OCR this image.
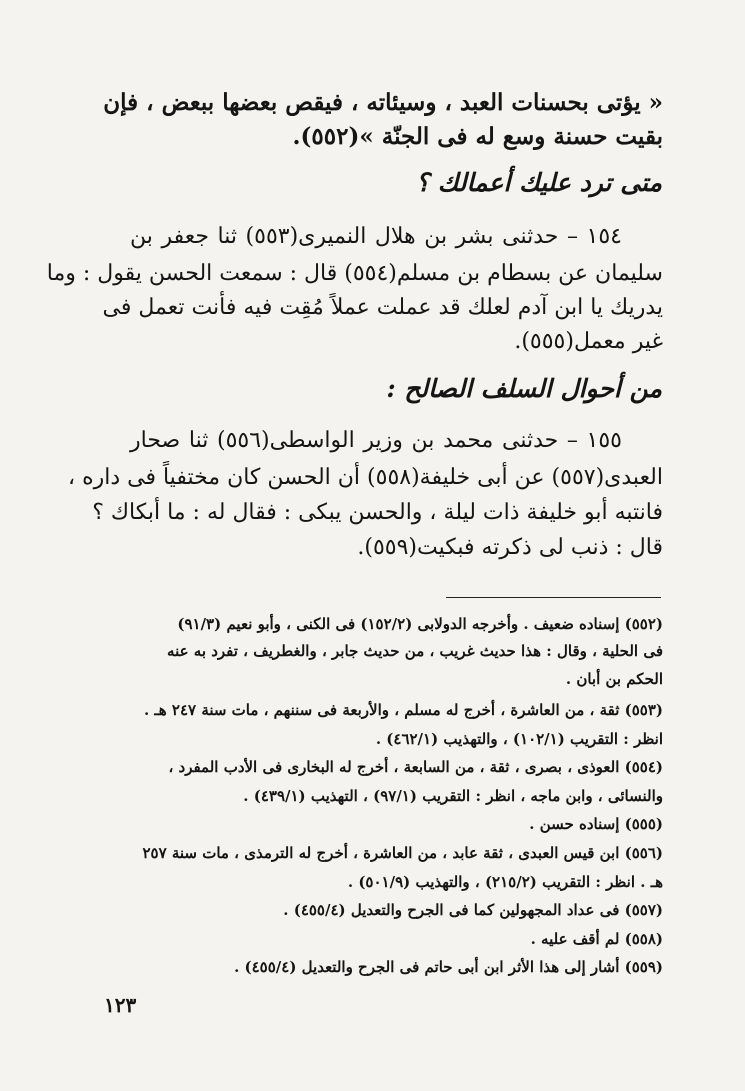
« يؤتى بحسنات العبد ، وسيئاته ، فيقص بعضها ببعض ، فإن
بقيت حسنة وسع له فى الجنّة »(٥٥٢).
متى ترد عليك أعمالك ؟
١٥٤ – حدثنى بشر بن هلال النميرى(٥٥٣) ثنا جعفر بن
سليمان عن بسطام بن مسلم(٥٥٤) قال : سمعت الحسن يقول : وما
يدريك يا ابن آدم لعلك قد عملت عملاً مُقِت فيه فأنت تعمل فى
غير معمل(٥٥٥).
من أحوال السلف الصالح :
١٥٥ – حدثنى محمد بن وزير الواسطى(٥٥٦) ثنا صحار
العبدى(٥٥٧) عن أبى خليفة(٥٥٨) أن الحسن كان مختفياً فى داره ،
فانتبه أبو خليفة ذات ليلة ، والحسن يبكى : فقال له : ما أبكاك ؟
قال : ذنب لى ذكرته فبكيت(٥٥٩).
(٥٥٢) إسناده ضعيف . وأخرجه الدولابى (١٥٢/٢) فى الكنى ، وأبو نعيم (٩١/٣)
فى الحلية ، وقال : هذا حديث غريب ، من حديث جابر ، والغطريف ، تفرد به عنه
الحكم بن أبان .
(٥٥٣) ثقة ، من العاشرة ، أخرج له مسلم ، والأربعة فى سننهم ، مات سنة ٢٤٧ هـ .
انظر : التقريب (١٠٢/١) ، والتهذيب (٤٦٢/١) .
(٥٥٤) العوذى ، بصرى ، ثقة ، من السابعة ، أخرج له البخارى فى الأدب المفرد ،
والنسائى ، وابن ماجه ، انظر : التقريب (٩٧/١) ، التهذيب (٤٣٩/١) .
(٥٥٥) إسناده حسن .
(٥٥٦) ابن قيس العبدى ، ثقة عابد ، من العاشرة ، أخرج له الترمذى ، مات سنة ٢٥٧
هـ . انظر : التقريب (٢١٥/٢) ، والتهذيب (٥٠١/٩) .
(٥٥٧) فى عداد المجهولين كما فى الجرح والتعديل (٤٥٥/٤) .
(٥٥٨) لم أقف عليه .
(٥٥٩) أشار إلى هذا الأثر ابن أبى حاتم فى الجرح والتعديل (٤٥٥/٤) .
١٢٣
